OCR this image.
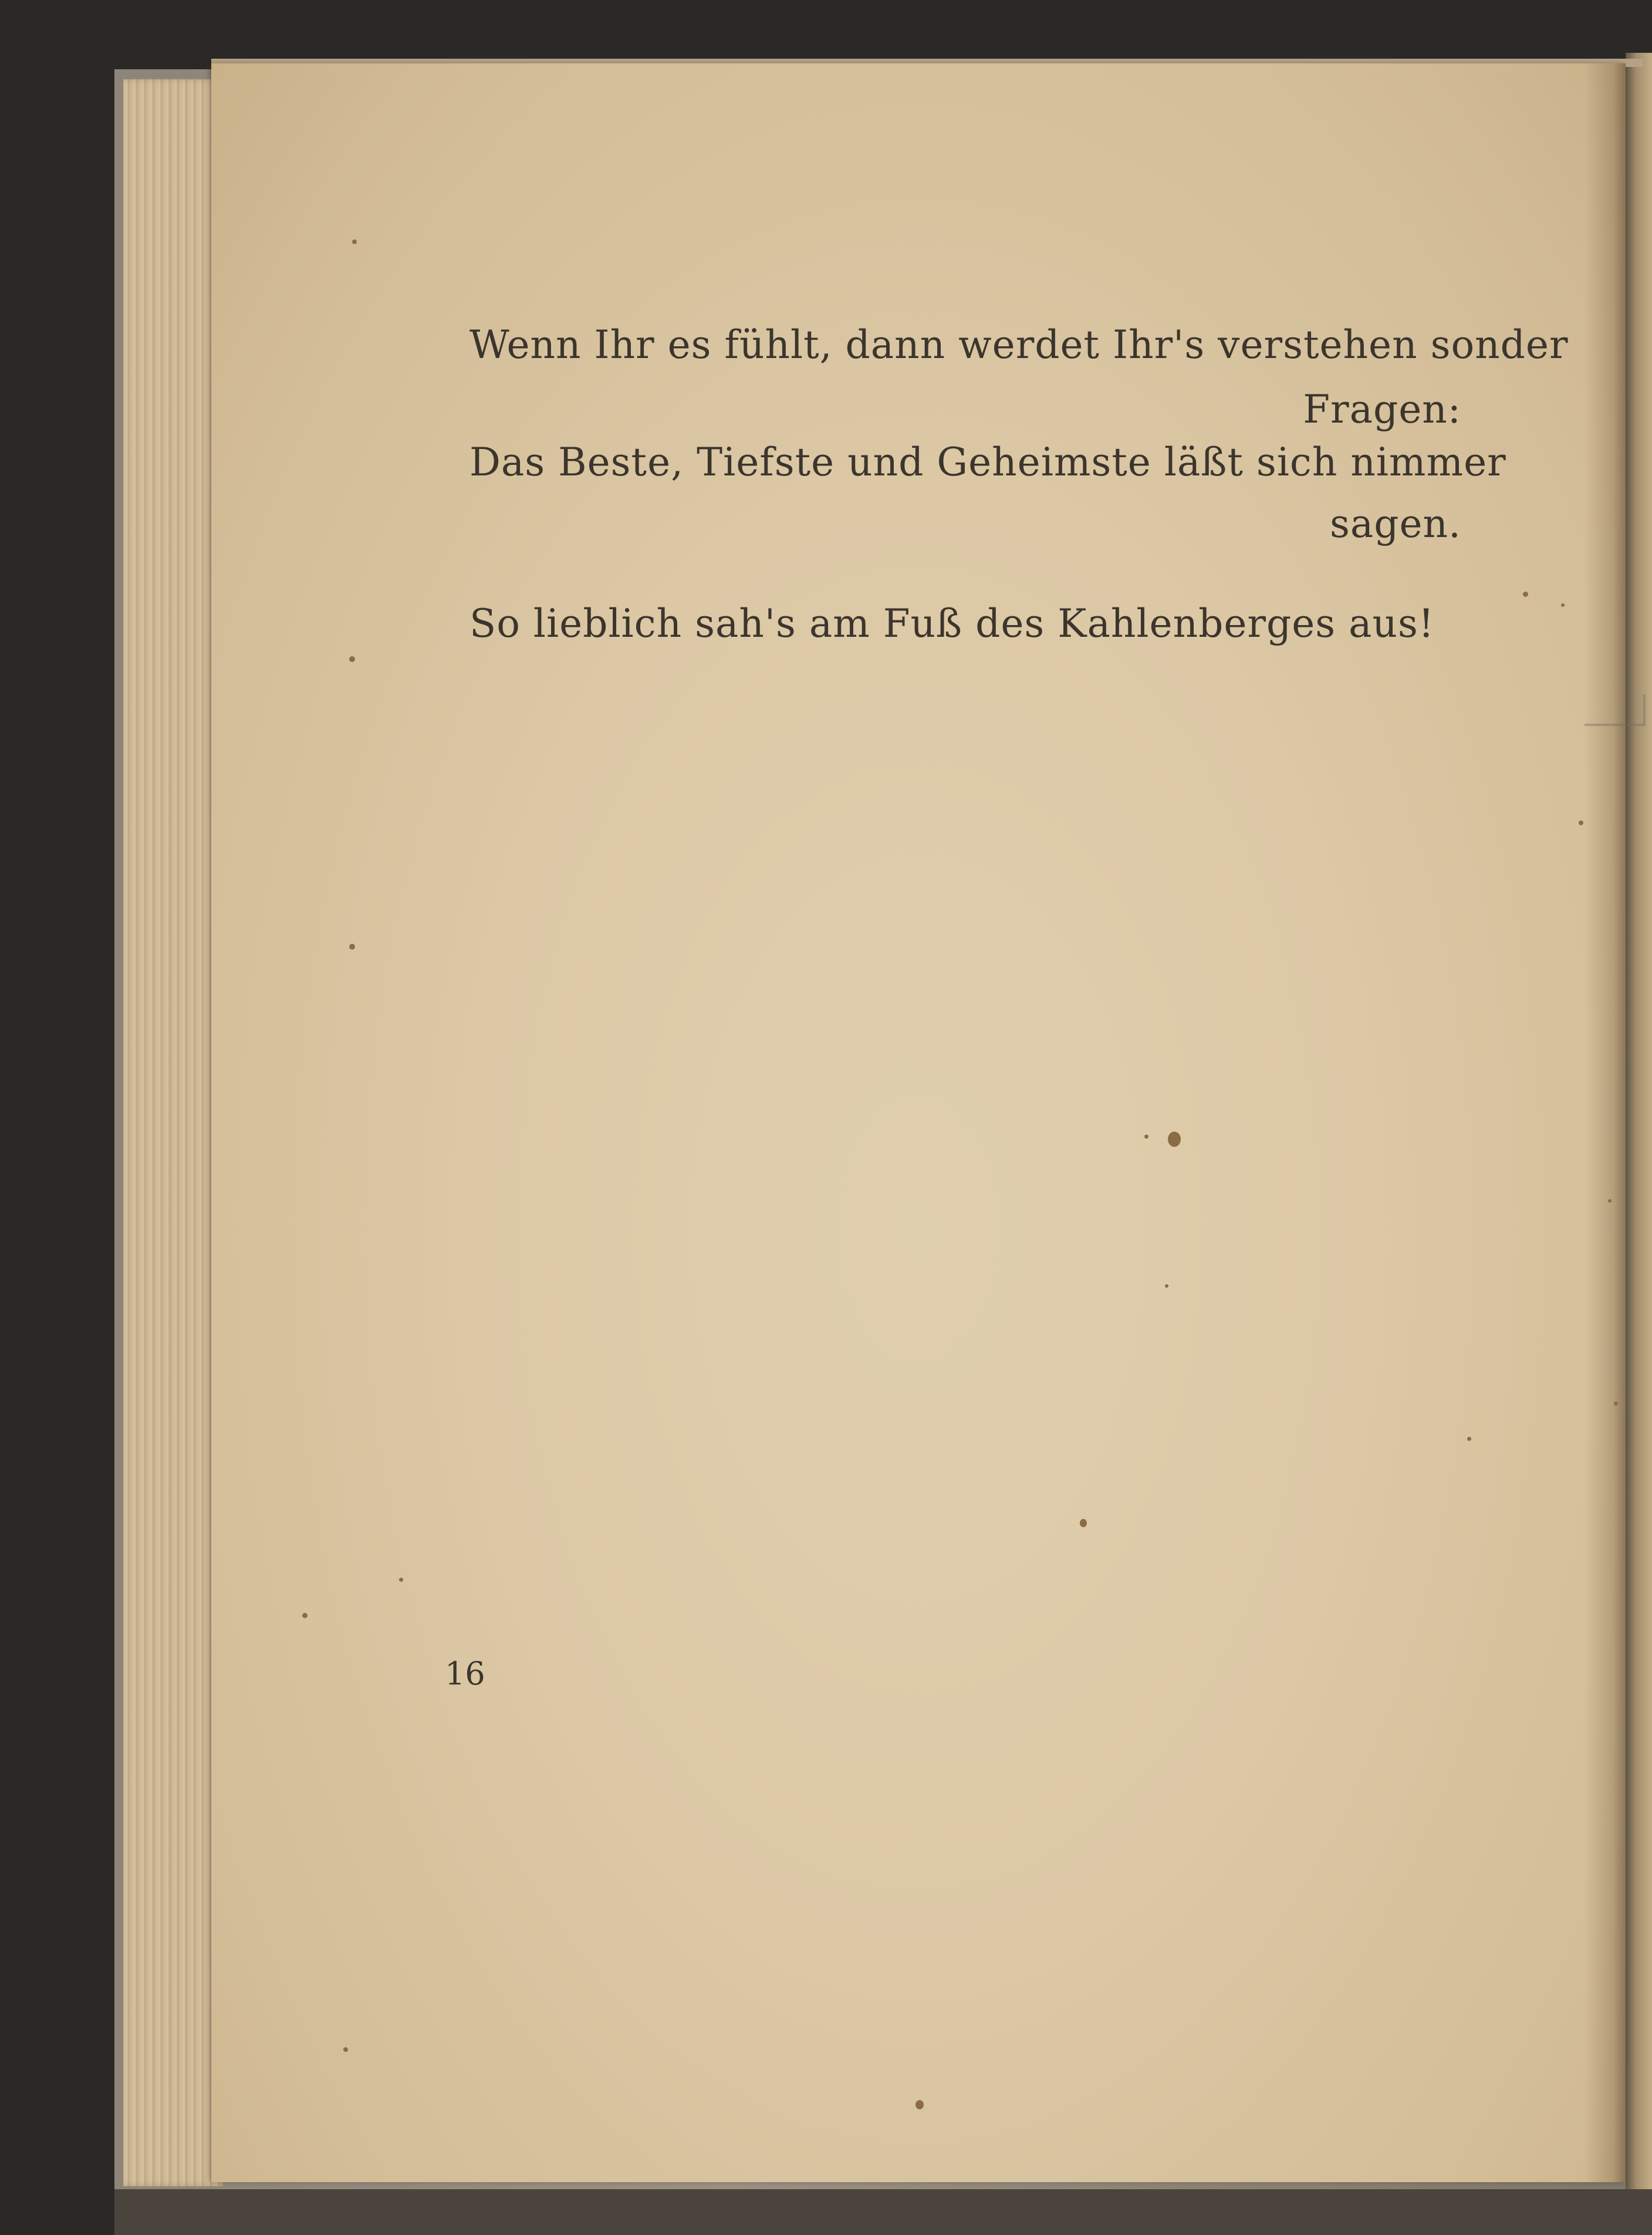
Wenn Ihr es fühlt, dann werdet Ihr's verstehen sonder
Fragen:
Das Beste, Tiefste und Geheimste läßt sich nimmer
sagen.
So lieblich sah's am Fuß des Kahlenberges aus!
16
